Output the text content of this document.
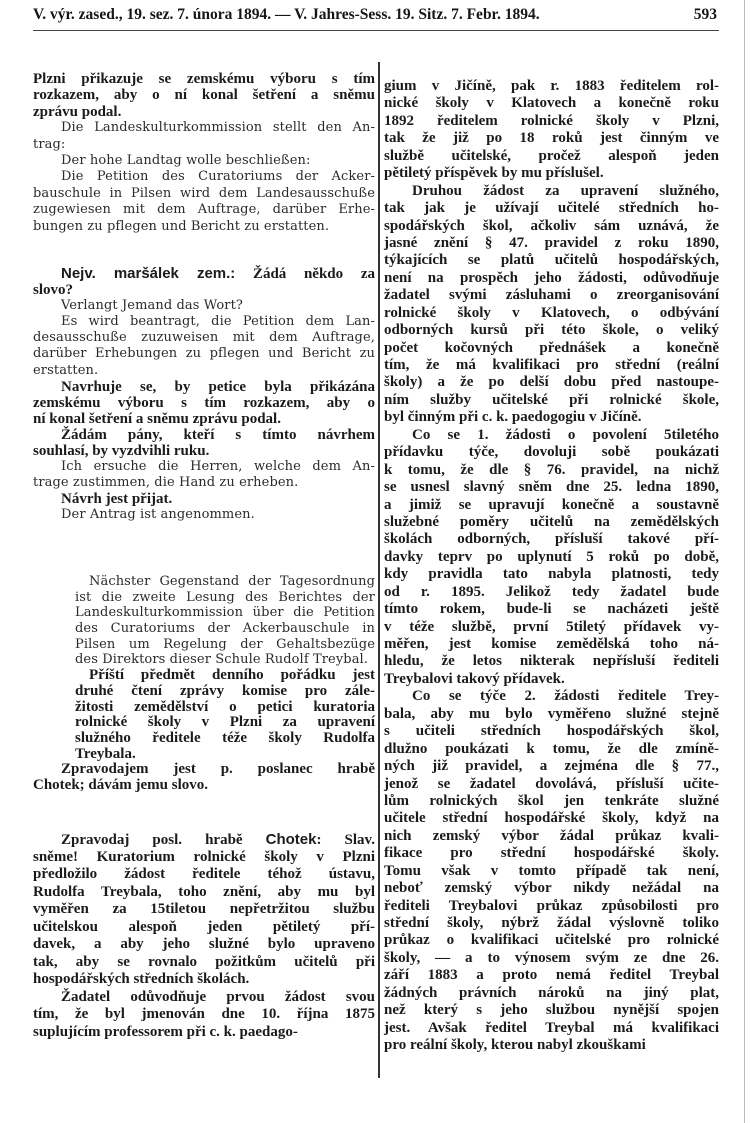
V. výr. zased., 19. sez. 7. února 1894. — V. Jahres-Sess. 19. Sitz. 7. Febr. 1894.	593
Plzni přikazuje se zemskému výboru s tím
rozkazem, aby o ní konal šetření a sněmu
zprávu podal.
Die Landeskulturkommission stellt den An-
trag:
Der hohe Landtag wolle beschließen:
Die Petition des Curatoriums der Acker-
bauschule in Pilsen wird dem Landesausschuße
zugewiesen mit dem Auftrage, darüber Erhe-
bungen zu pflegen und Bericht zu erstatten.
Nejv. maršálek zem.: Žádá někdo za
slovo?
Verlangt Jemand das Wort?
Es wird beantragt, die Petition dem Lan-
desausschuße zuzuweisen mit dem Auftrage,
darüber Erhebungen zu pflegen und Bericht zu
erstatten.
Navrhuje se, by petice byla přikázána
zemskému výboru s tím rozkazem, aby o
ní konal šetření a sněmu zprávu podal.
Žádám pány, kteří s tímto návrhem
souhlasí, by vyzdvihli ruku.
Ich ersuche die Herren, welche dem An-
trage zustimmen, die Hand zu erheben.
Návrh jest přijat.
Der Antrag ist angenommen.
Nächster Gegenstand der Tagesordnung
ist die zweite Lesung des Berichtes der
Landeskulturkommission über die Petition
des Curatoriums der Ackerbauschule in
Pilsen um Regelung der Gehaltsbezüge
des Direktors dieser Schule Rudolf Treybal.
Příští předmět denního pořádku jest
druhé čtení zprávy komise pro zále-
žitosti zemědělství o petici kuratoria
rolnické školy v Plzni za upravení
služného ředitele téže školy Rudolfa
Treybala.
Zpravodajem jest p. poslanec hrabě
Chotek; dávám jemu slovo.
Zpravodaj posl. hrabě Chotek: Slav.
sněme! Kuratorium rolnické školy v Plzni
předložilo žádost ředitele téhož ústavu,
Rudolfa Treybala, toho znění, aby mu byl
vyměřen za 15tiletou nepřetržitou službu
učitelskou alespoň jeden pětiletý pří-
davek, a aby jeho služné bylo upraveno
tak, aby se rovnalo požitkům učitelů při
hospodářských středních školách.
Žadatel odůvodňuje prvou žádost svou
tím, že byl jmenován dne 10. října 1875
suplujícím professorem při c. k. paedago-
gium v Jičíně, pak r. 1883 ředitelem rol-
nické školy v Klatovech a konečně roku
1892 ředitelem rolnické školy v Plzni,
tak že již po 18 roků jest činným ve
službě učitelské, pročež alespoň jeden
pětiletý příspěvek by mu příslušel.
Druhou žádost za upravení služného,
tak jak je užívají učitelé středních ho-
spodářských škol, ačkoliv sám uznává, že
jasné znění § 47. pravidel z roku 1890,
týkajících se platů učitelů hospodářských,
není na prospěch jeho žádosti, odůvodňuje
žadatel svými zásluhami o zreorganisování
rolnické školy v Klatovech, o odbývání
odborných kursů při této škole, o veliký
počet kočovných přednášek a konečně
tím, že má kvalifikaci pro střední (reální
školy) a že po delší dobu před nastoupe-
ním služby učitelské při rolnické škole,
byl činným při c. k. paedogogiu v Jičíně.
Co se 1. žádosti o povolení 5tiletého
přídavku týče, dovoluji sobě poukázati
k tomu, že dle § 76. pravidel, na nichž
se usnesl slavný sněm dne 25. ledna 1890,
a jimiž se upravují konečně a soustavně
služebné poměry učitelů na zemědělských
školách odborných, přísluší takové pří-
davky teprv po uplynutí 5 roků po době,
kdy pravidla tato nabyla platnosti, tedy
od r. 1895. Jelikož tedy žadatel bude
tímto rokem, bude-li se nacházeti ještě
v téže službě, první 5tiletý přídavek vy-
měřen, jest komise zemědělská toho ná-
hledu, že letos nikterak nepřísluší řediteli
Treybalovi takový přídavek.
Co se týče 2. žádosti ředitele Trey-
bala, aby mu bylo vyměřeno služné stejně
s učiteli středních hospodářských škol,
dlužno poukázati k tomu, že dle zmíně-
ných již pravidel, a zejména dle § 77.,
jenož se žadatel dovolává, přísluší učite-
lům rolnických škol jen tenkráte služné
učitele střední hospodářské školy, když na
nich zemský výbor žádal průkaz kvali-
fikace pro střední hospodářské školy.
Tomu však v tomto případě tak není,
neboť zemský výbor nikdy nežádal na
řediteli Treybalovi průkaz způsobilosti pro
střední školy, nýbrž žádal výslovně toliko
průkaz o kvalifikaci učitelské pro rolnické
školy, — a to výnosem svým ze dne 26.
září 1883 a proto nemá ředitel Treybal
žádných právních nároků na jiný plat,
než který s jeho službou nynější spojen
jest. Avšak ředitel Treybal má kvalifikaci
pro reální školy, kterou nabyl zkouškami
